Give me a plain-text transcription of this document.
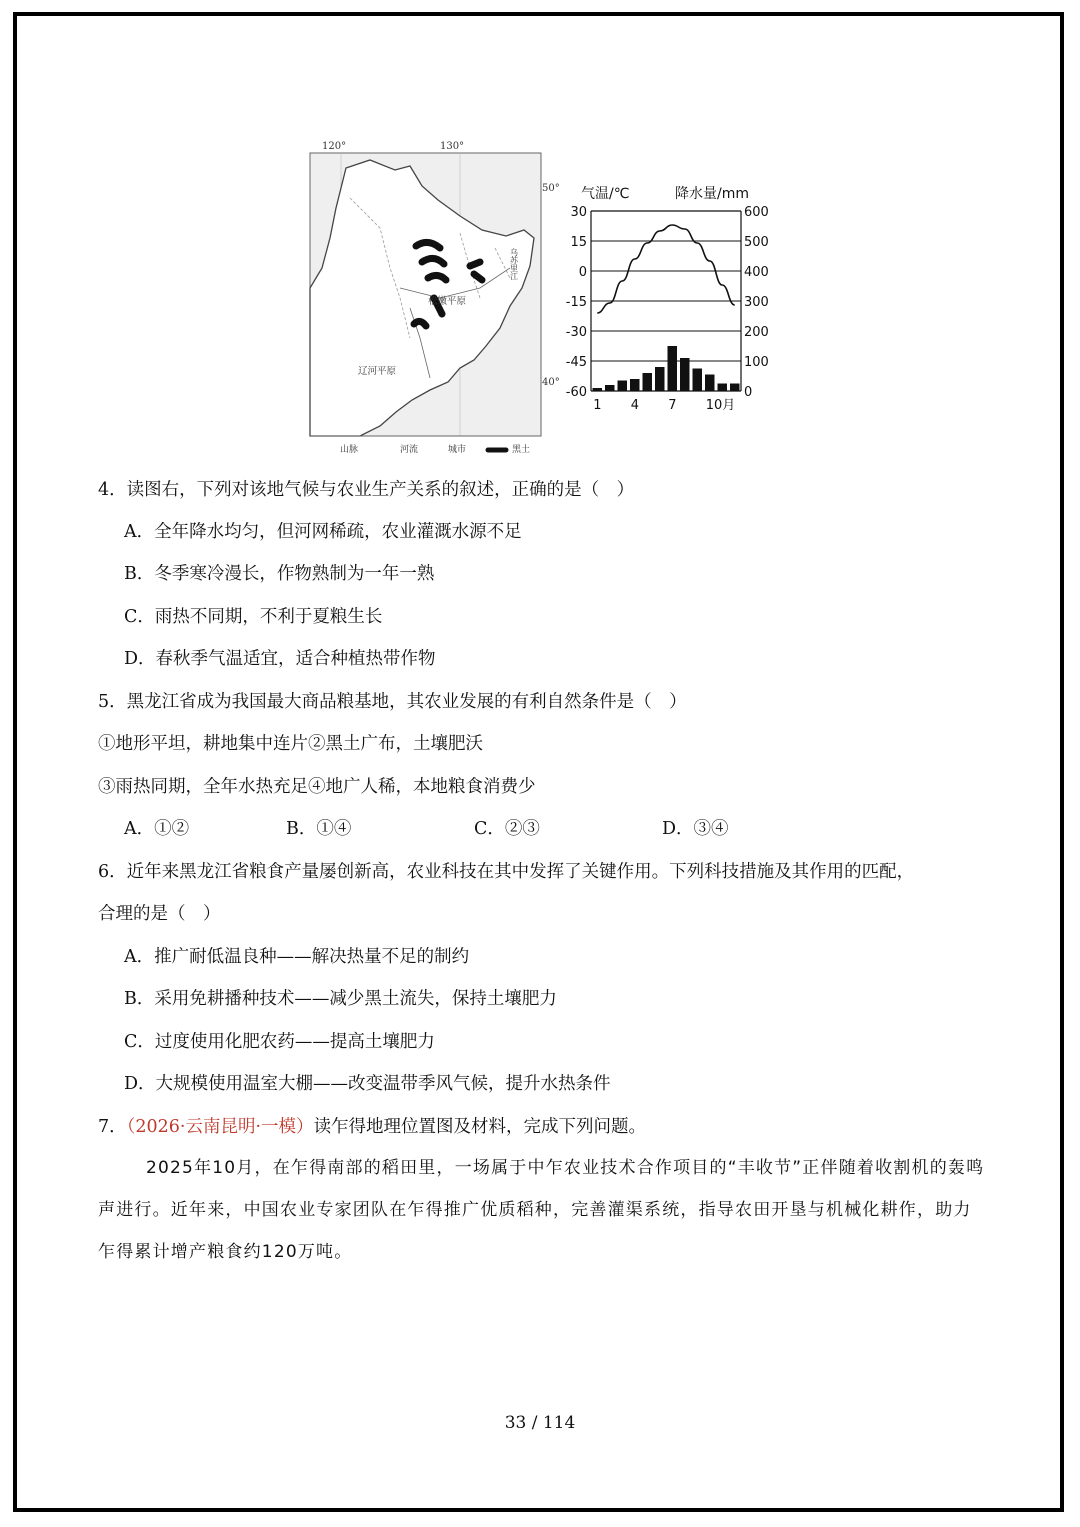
120°	130°
50°
40°
松嫩平原
辽河平原
乌苏里江
山脉	河流	城市	黑土
气温/℃	降水量/mm
30
15
0
-15
-30
-45
-60
600
500
400
300
200
100
0
1 4 7 10月
4．读图右，下列对该地气候与农业生产关系的叙述，正确的是（　）
A．全年降水均匀，但河网稀疏，农业灌溉水源不足
B．冬季寒冷漫长，作物熟制为一年一熟
C．雨热不同期，不利于夏粮生长
D．春秋季气温适宜，适合种植热带作物
5．黑龙江省成为我国最大商品粮基地，其农业发展的有利自然条件是（　）
①地形平坦，耕地集中连片②黑土广布，土壤肥沃
③雨热同期，全年水热充足④地广人稀，本地粮食消费少
A．①②	B．①④	C．②③	D．③④
6．近年来黑龙江省粮食产量屡创新高，农业科技在其中发挥了关键作用。下列科技措施及其作用的匹配，
合理的是（　）
A．推广耐低温良种——解决热量不足的制约
B．采用免耕播种技术——减少黑土流失，保持土壤肥力
C．过度使用化肥农药——提高土壤肥力
D．大规模使用温室大棚——改变温带季风气候，提升水热条件
7．（2026·云南昆明·一模）读乍得地理位置图及材料，完成下列问题。
2025年10月，在乍得南部的稻田里，一场属于中乍农业技术合作项目的“丰收节”正伴随着收割机的轰鸣声进行。近年来，中国农业专家团队在乍得推广优质稻种，完善灌渠系统，指导农田开垦与机械化耕作，助力乍得累计增产粮食约120万吨。
33 / 114
